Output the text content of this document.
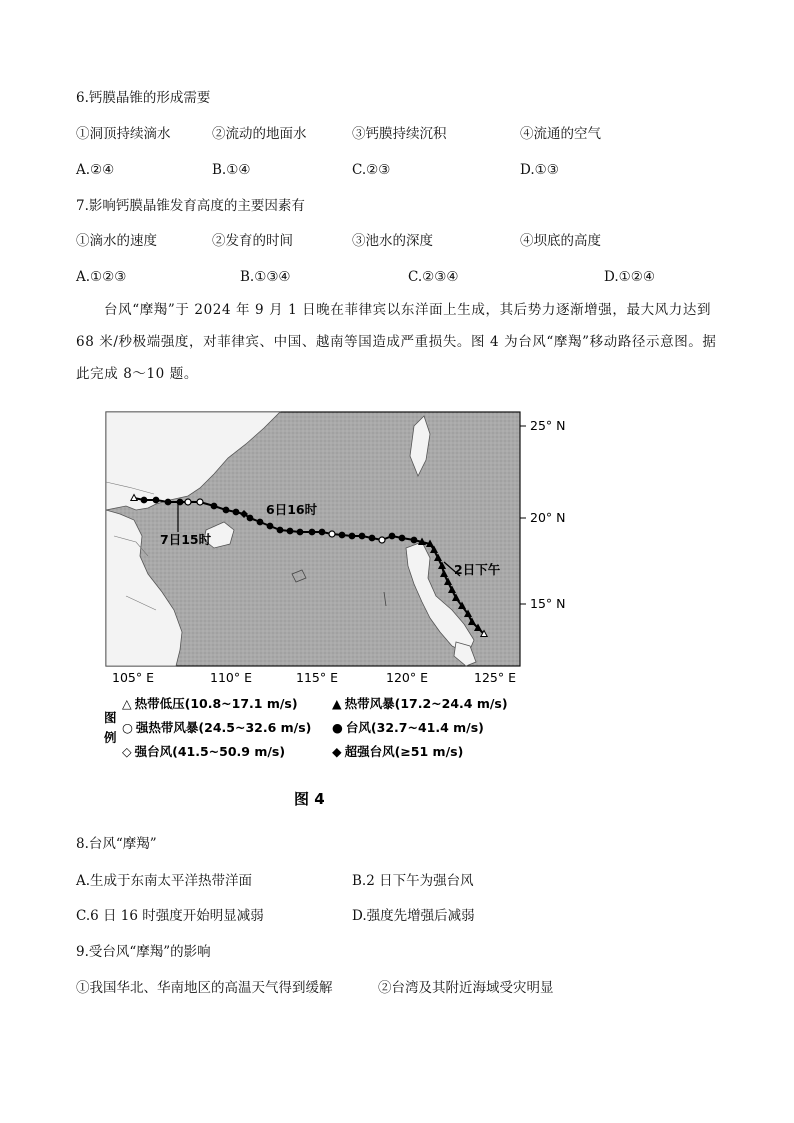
6.钙膜晶锥的形成需要
①洞顶持续滴水	②流动的地面水	③钙膜持续沉积	④流通的空气
A.②④	B.①④	C.②③	D.①③
7.影响钙膜晶锥发育高度的主要因素有
①滴水的速度	②发育的时间	③池水的深度	④坝底的高度
A.①②③	B.①③④	C.②③④	D.①②④

台风“摩羯”于 2024 年 9 月 1 日晚在菲律宾以东洋面上生成，其后势力逐渐增强，最大风力达到 68 米/秒极端强度，对菲律宾、中国、越南等国造成严重损失。图 4 为台风“摩羯”移动路径示意图。据此完成 8～10 题。

6日16时
7日15时
2日下午
25° N
20° N
15° N
105° E	110° E	115° E	120° E	125° E
图
例
△ 热带低压(10.8~17.1 m/s)	▲ 热带风暴(17.2~24.4 m/s)
○ 强热带风暴(24.5~32.6 m/s) ● 台风(32.7~41.4 m/s)
◇ 强台风(41.5~50.9 m/s)	◆ 超强台风(≥51 m/s)
图 4
8.台风“摩羯”
A.生成于东南太平洋热带洋面	B.2 日下午为强台风
C.6 日 16 时强度开始明显减弱	D.强度先增强后减弱
9.受台风“摩羯”的影响
①我国华北、华南地区的高温天气得到缓解	②台湾及其附近海域受灾明显
